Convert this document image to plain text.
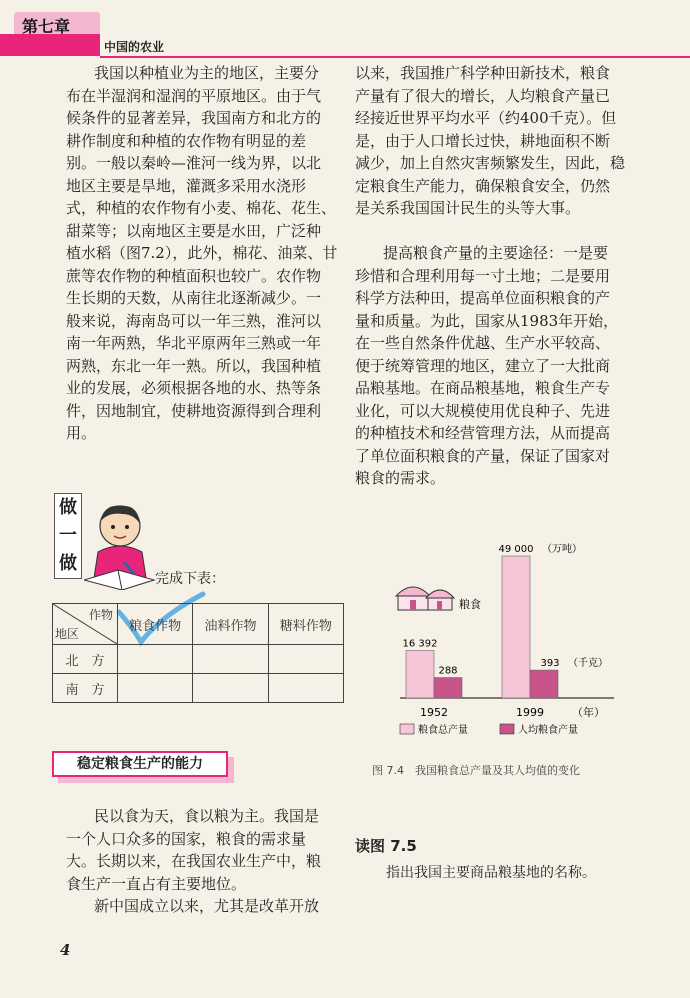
第七章
中国的农业
我国以种植业为主的地区，主要分
布在半湿润和湿润的平原地区。由于气
候条件的显著差异，我国南方和北方的
耕作制度和种植的农作物有明显的差
别。一般以秦岭—淮河一线为界，以北
地区主要是旱地，灌溉多采用水浇形
式，种植的农作物有小麦、棉花、花生、
甜菜等；以南地区主要是水田，广泛种
植水稻（图7.2），此外，棉花、油菜、甘
蔗等农作物的种植面积也较广。农作物
生长期的天数，从南往北逐渐减少。一
般来说，海南岛可以一年三熟，淮河以
南一年两熟，华北平原两年三熟或一年
两熟，东北一年一熟。所以，我国种植
业的发展，必须根据各地的水、热等条
件，因地制宜，使耕地资源得到合理利
用。
做
一
做
完成下表：
作物
地区	粮食作物	油料作物	糖料作物
北　方			
南　方			
稳定粮食生产的能力
民以食为天，食以粮为主。我国是
一个人口众多的国家，粮食的需求量
大。长期以来，在我国农业生产中，粮
食生产一直占有主要地位。
新中国成立以来，尤其是改革开放
4
以来，我国推广科学种田新技术，粮食
产量有了很大的增长，人均粮食产量已
经接近世界平均水平（约400千克）。但
是，由于人口增长过快，耕地面积不断
减少，加上自然灾害频繁发生，因此，稳
定粮食生产能力，确保粮食安全，仍然
是关系我国国计民生的头等大事。
提高粮食产量的主要途径：一是要
珍惜和合理利用每一寸土地；二是要用
科学方法种田，提高单位面积粮食的产
量和质量。为此，国家从1983年开始，
在一些自然条件优越、生产水平较高、
便于统筹管理的地区，建立了一大批商
品粮基地。在商品粮基地，粮食生产专
业化，可以大规模使用优良种子、先进
的种植技术和经营管理方法，从而提高
了单位面积粮食的产量，保证了国家对
粮食的需求。
粮食
16 392
288
1952
49 000
393
1999
（万吨）
（千克）
（年）
粮食总产量	人均粮食产量
图 7.4　我国粮食总产量及其人均值的变化
读图 7.5
指出我国主要商品粮基地的名称。
